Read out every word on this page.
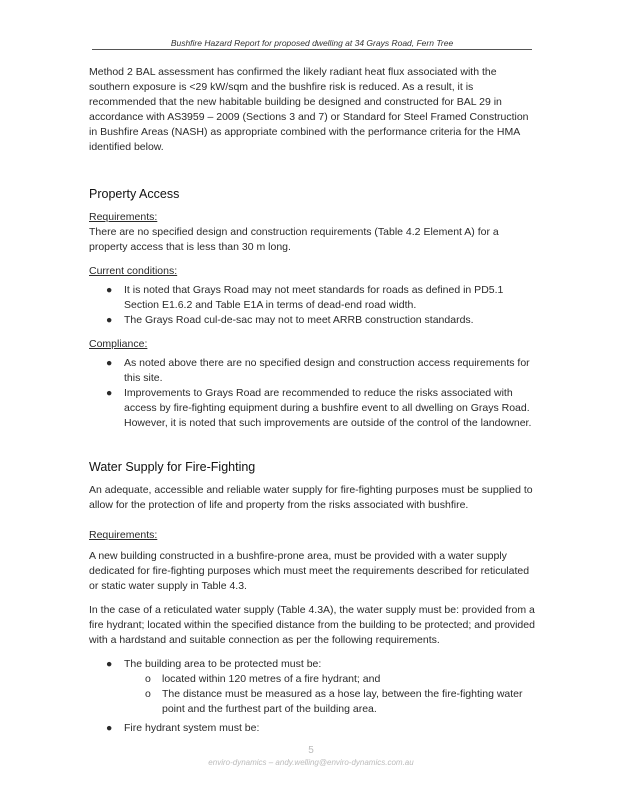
Bushfire Hazard Report for proposed dwelling at 34 Grays Road, Fern Tree

Method 2 BAL assessment has confirmed the likely radiant heat flux associated with the southern exposure is <29 kW/sqm and the bushfire risk is reduced. As a result, it is recommended that the new habitable building be designed and constructed for BAL 29 in accordance with AS3959 – 2009 (Sections 3 and 7) or Standard for Steel Framed Construction in Bushfire Areas (NASH) as appropriate combined with the performance criteria for the HMA identified below.

Property Access

Requirements:

There are no specified design and construction requirements (Table 4.2 Element A) for a property access that is less than 30 m long.

Current conditions:

● It is noted that Grays Road may not meet standards for roads as defined in PD5.1 Section E1.6.2 and Table E1A in terms of dead-end road width.
● The Grays Road cul-de-sac may not to meet ARRB construction standards.

Compliance:

● As noted above there are no specified design and construction access requirements for this site.
● Improvements to Grays Road are recommended to reduce the risks associated with access by fire-fighting equipment during a bushfire event to all dwelling on Grays Road. However, it is noted that such improvements are outside of the control of the landowner.
Water Supply for Fire-Fighting

An adequate, accessible and reliable water supply for fire-fighting purposes must be supplied to allow for the protection of life and property from the risks associated with bushfire.

Requirements:

A new building constructed in a bushfire-prone area, must be provided with a water supply dedicated for fire-fighting purposes which must meet the requirements described for reticulated or static water supply in Table 4.3.

In the case of a reticulated water supply (Table 4.3A), the water supply must be: provided from a fire hydrant; located within the specified distance from the building to be protected; and provided with a hardstand and suitable connection as per the following requirements.

● The building area to be protected must be:
o located within 120 metres of a fire hydrant; and
o The distance must be measured as a hose lay, between the fire-fighting water point and the furthest part of the building area.
● Fire hydrant system must be:
5
enviro-dynamics – andy.welling@enviro-dynamics.com.au
